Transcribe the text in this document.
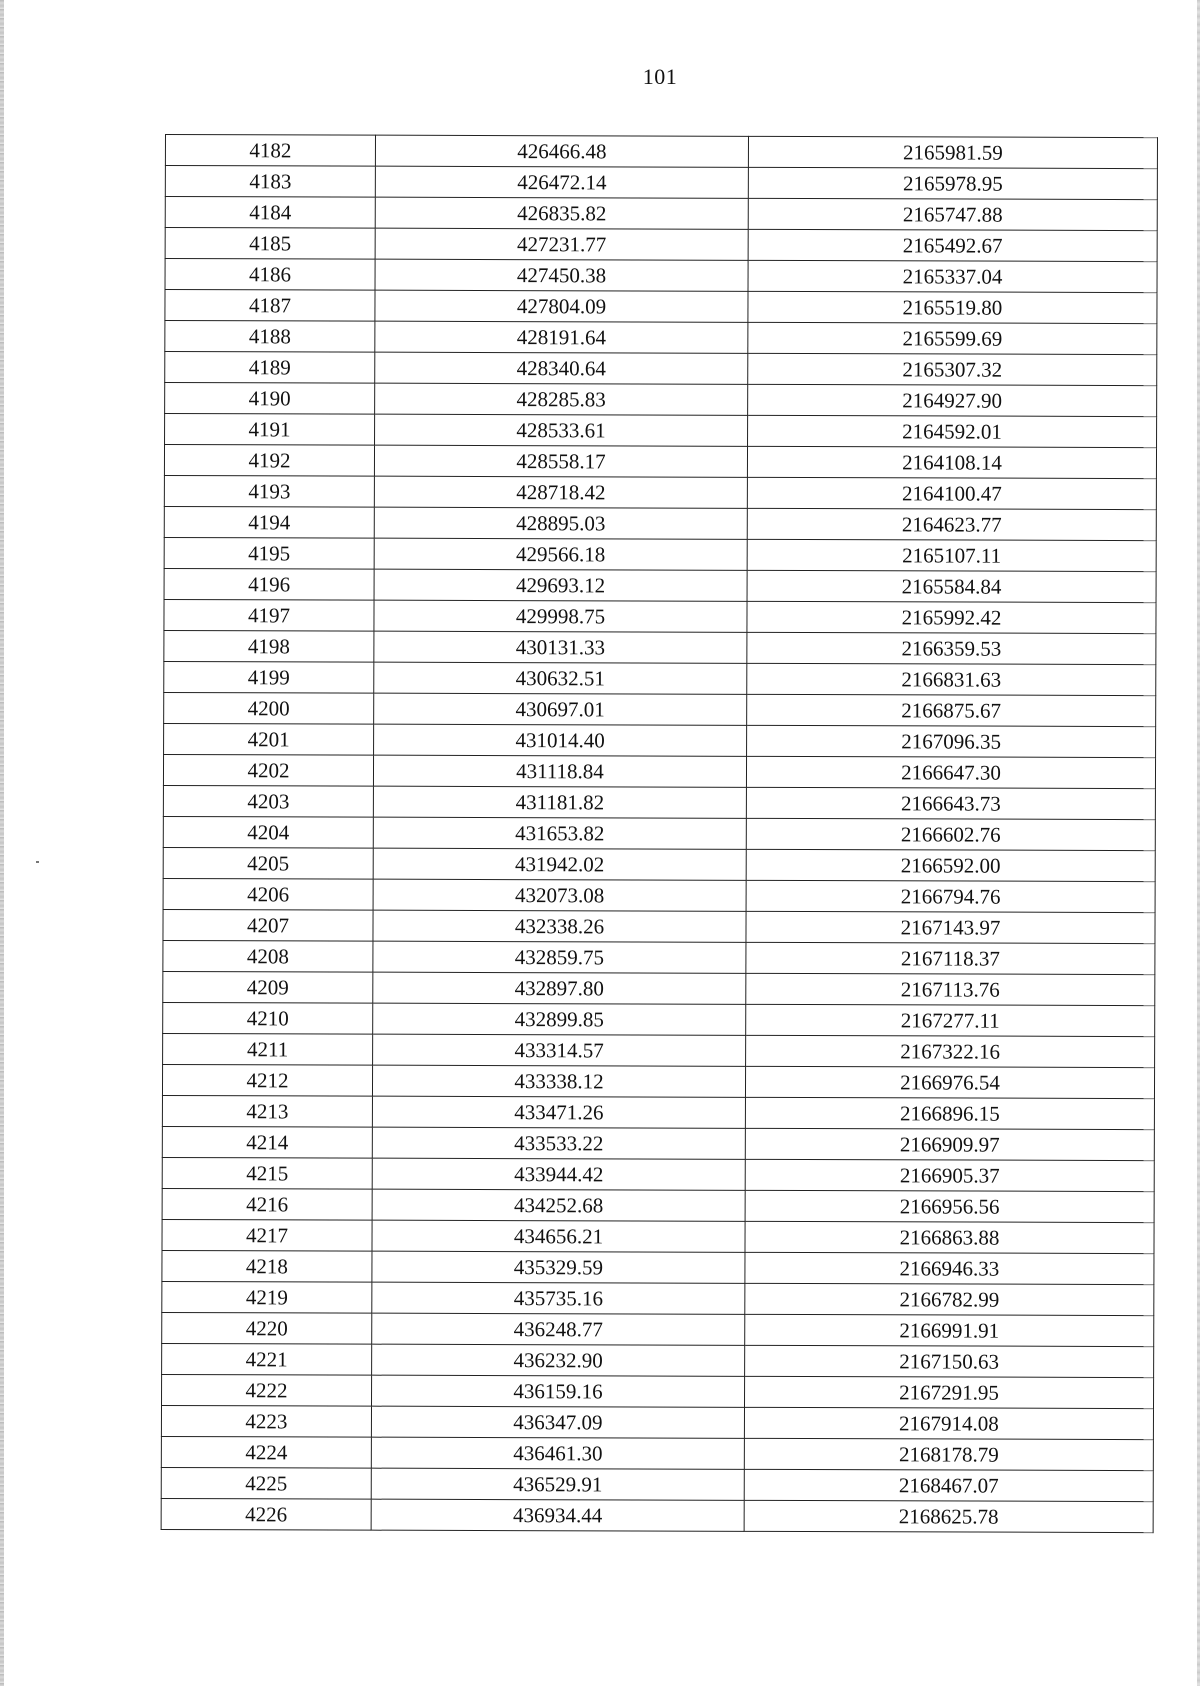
101
4182	426466.48	2165981.59
4183	426472.14	2165978.95
4184	426835.82	2165747.88
4185	427231.77	2165492.67
4186	427450.38	2165337.04
4187	427804.09	2165519.80
4188	428191.64	2165599.69
4189	428340.64	2165307.32
4190	428285.83	2164927.90
4191	428533.61	2164592.01
4192	428558.17	2164108.14
4193	428718.42	2164100.47
4194	428895.03	2164623.77
4195	429566.18	2165107.11
4196	429693.12	2165584.84
4197	429998.75	2165992.42
4198	430131.33	2166359.53
4199	430632.51	2166831.63
4200	430697.01	2166875.67
4201	431014.40	2167096.35
4202	431118.84	2166647.30
4203	431181.82	2166643.73
4204	431653.82	2166602.76
4205	431942.02	2166592.00
4206	432073.08	2166794.76
4207	432338.26	2167143.97
4208	432859.75	2167118.37
4209	432897.80	2167113.76
4210	432899.85	2167277.11
4211	433314.57	2167322.16
4212	433338.12	2166976.54
4213	433471.26	2166896.15
4214	433533.22	2166909.97
4215	433944.42	2166905.37
4216	434252.68	2166956.56
4217	434656.21	2166863.88
4218	435329.59	2166946.33
4219	435735.16	2166782.99
4220	436248.77	2166991.91
4221	436232.90	2167150.63
4222	436159.16	2167291.95
4223	436347.09	2167914.08
4224	436461.30	2168178.79
4225	436529.91	2168467.07
4226	436934.44	2168625.78
